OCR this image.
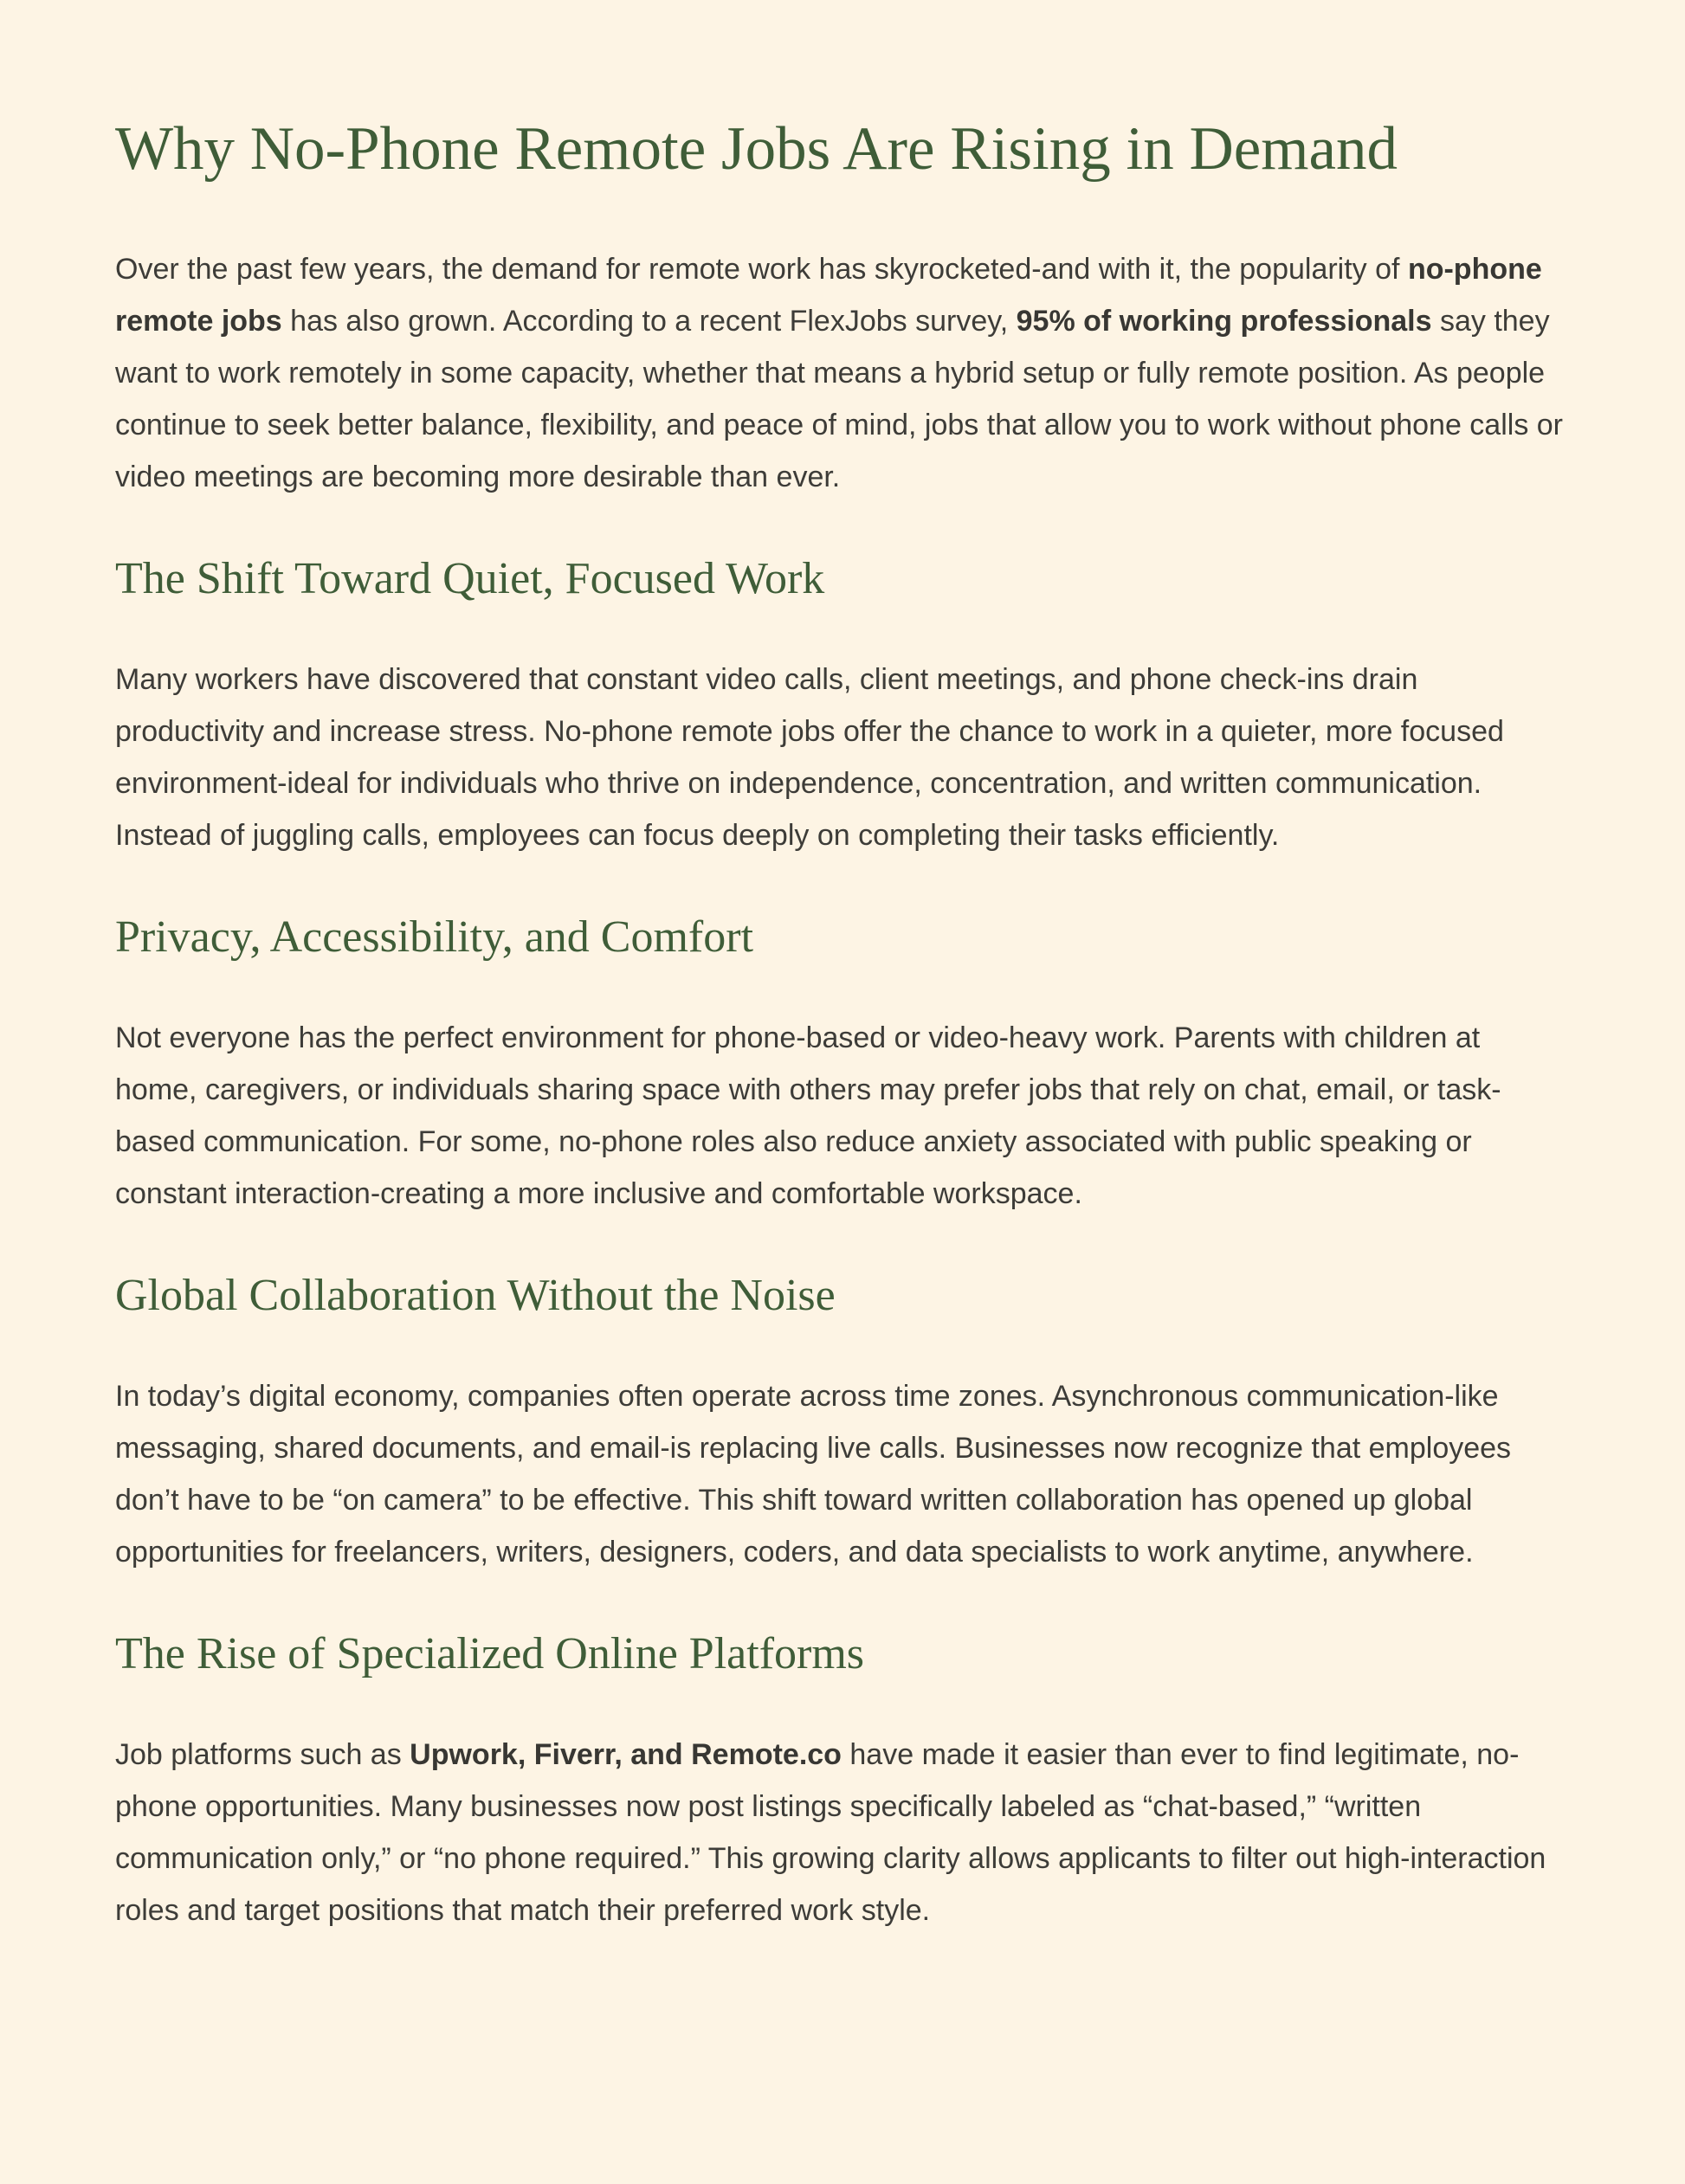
Why No-Phone Remote Jobs Are Rising in Demand

Over the past few years, the demand for remote work has skyrocketed-and with it, the popularity of no-phone remote jobs has also grown. According to a recent FlexJobs survey, 95% of working professionals say they want to work remotely in some capacity, whether that means a hybrid setup or fully remote position. As people continue to seek better balance, flexibility, and peace of mind, jobs that allow you to work without phone calls or video meetings are becoming more desirable than ever.

The Shift Toward Quiet, Focused Work

Many workers have discovered that constant video calls, client meetings, and phone check-ins drain productivity and increase stress. No-phone remote jobs offer the chance to work in a quieter, more focused environment-ideal for individuals who thrive on independence, concentration, and written communication. Instead of juggling calls, employees can focus deeply on completing their tasks efficiently.

Privacy, Accessibility, and Comfort

Not everyone has the perfect environment for phone-based or video-heavy work. Parents with children at home, caregivers, or individuals sharing space with others may prefer jobs that rely on chat, email, or task-based communication. For some, no-phone roles also reduce anxiety associated with public speaking or constant interaction-creating a more inclusive and comfortable workspace.

Global Collaboration Without the Noise

In today’s digital economy, companies often operate across time zones. Asynchronous communication-like messaging, shared documents, and email-is replacing live calls. Businesses now recognize that employees don’t have to be “on camera” to be effective. This shift toward written collaboration has opened up global opportunities for freelancers, writers, designers, coders, and data specialists to work anytime, anywhere.

The Rise of Specialized Online Platforms

Job platforms such as Upwork, Fiverr, and Remote.co have made it easier than ever to find legitimate, no-phone opportunities. Many businesses now post listings specifically labeled as “chat-based,” “written communication only,” or “no phone required.” This growing clarity allows applicants to filter out high-interaction roles and target positions that match their preferred work style.
